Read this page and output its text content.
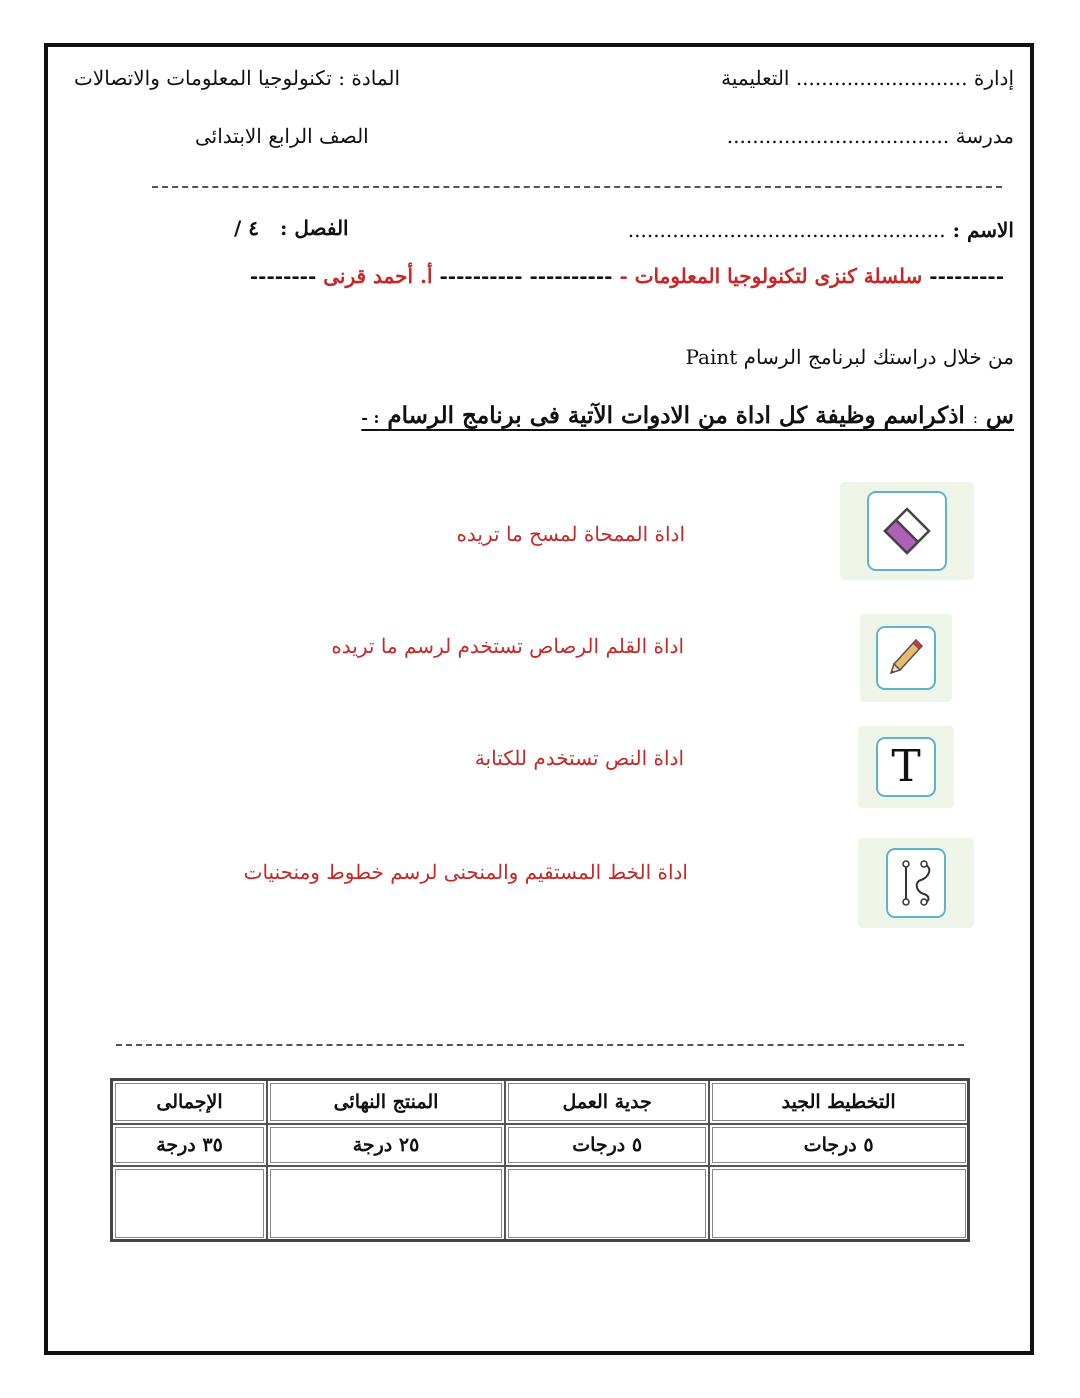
إدارة ........................... التعليمية
المادة : تكنولوجيا المعلومات والاتصالات
مدرسة ...................................
الصف الرابع الابتدائى
الاسم : ..................................................
الفصل : ٤ /
--------- سلسلة كنزى لتكنولوجيا المعلومات - ---------- ---------- أ. أحمد قرنى --------
من خلال دراستك لبرنامج الرسام Paint
س : اذكراسم وظيفة كل اداة من الادوات الآتية فى برنامج الرسام : -
اداة الممحاة لمسح ما تريده
اداة القلم الرصاص تستخدم لرسم ما تريده
T
اداة النص تستخدم للكتابة
اداة الخط المستقيم والمنحنى لرسم خطوط ومنحنيات
التخطيط الجيد	جدية العمل	المنتج النهائى	الإجمالى
٥ درجات	٥ درجات	٢٥ درجة	٣٥ درجة
